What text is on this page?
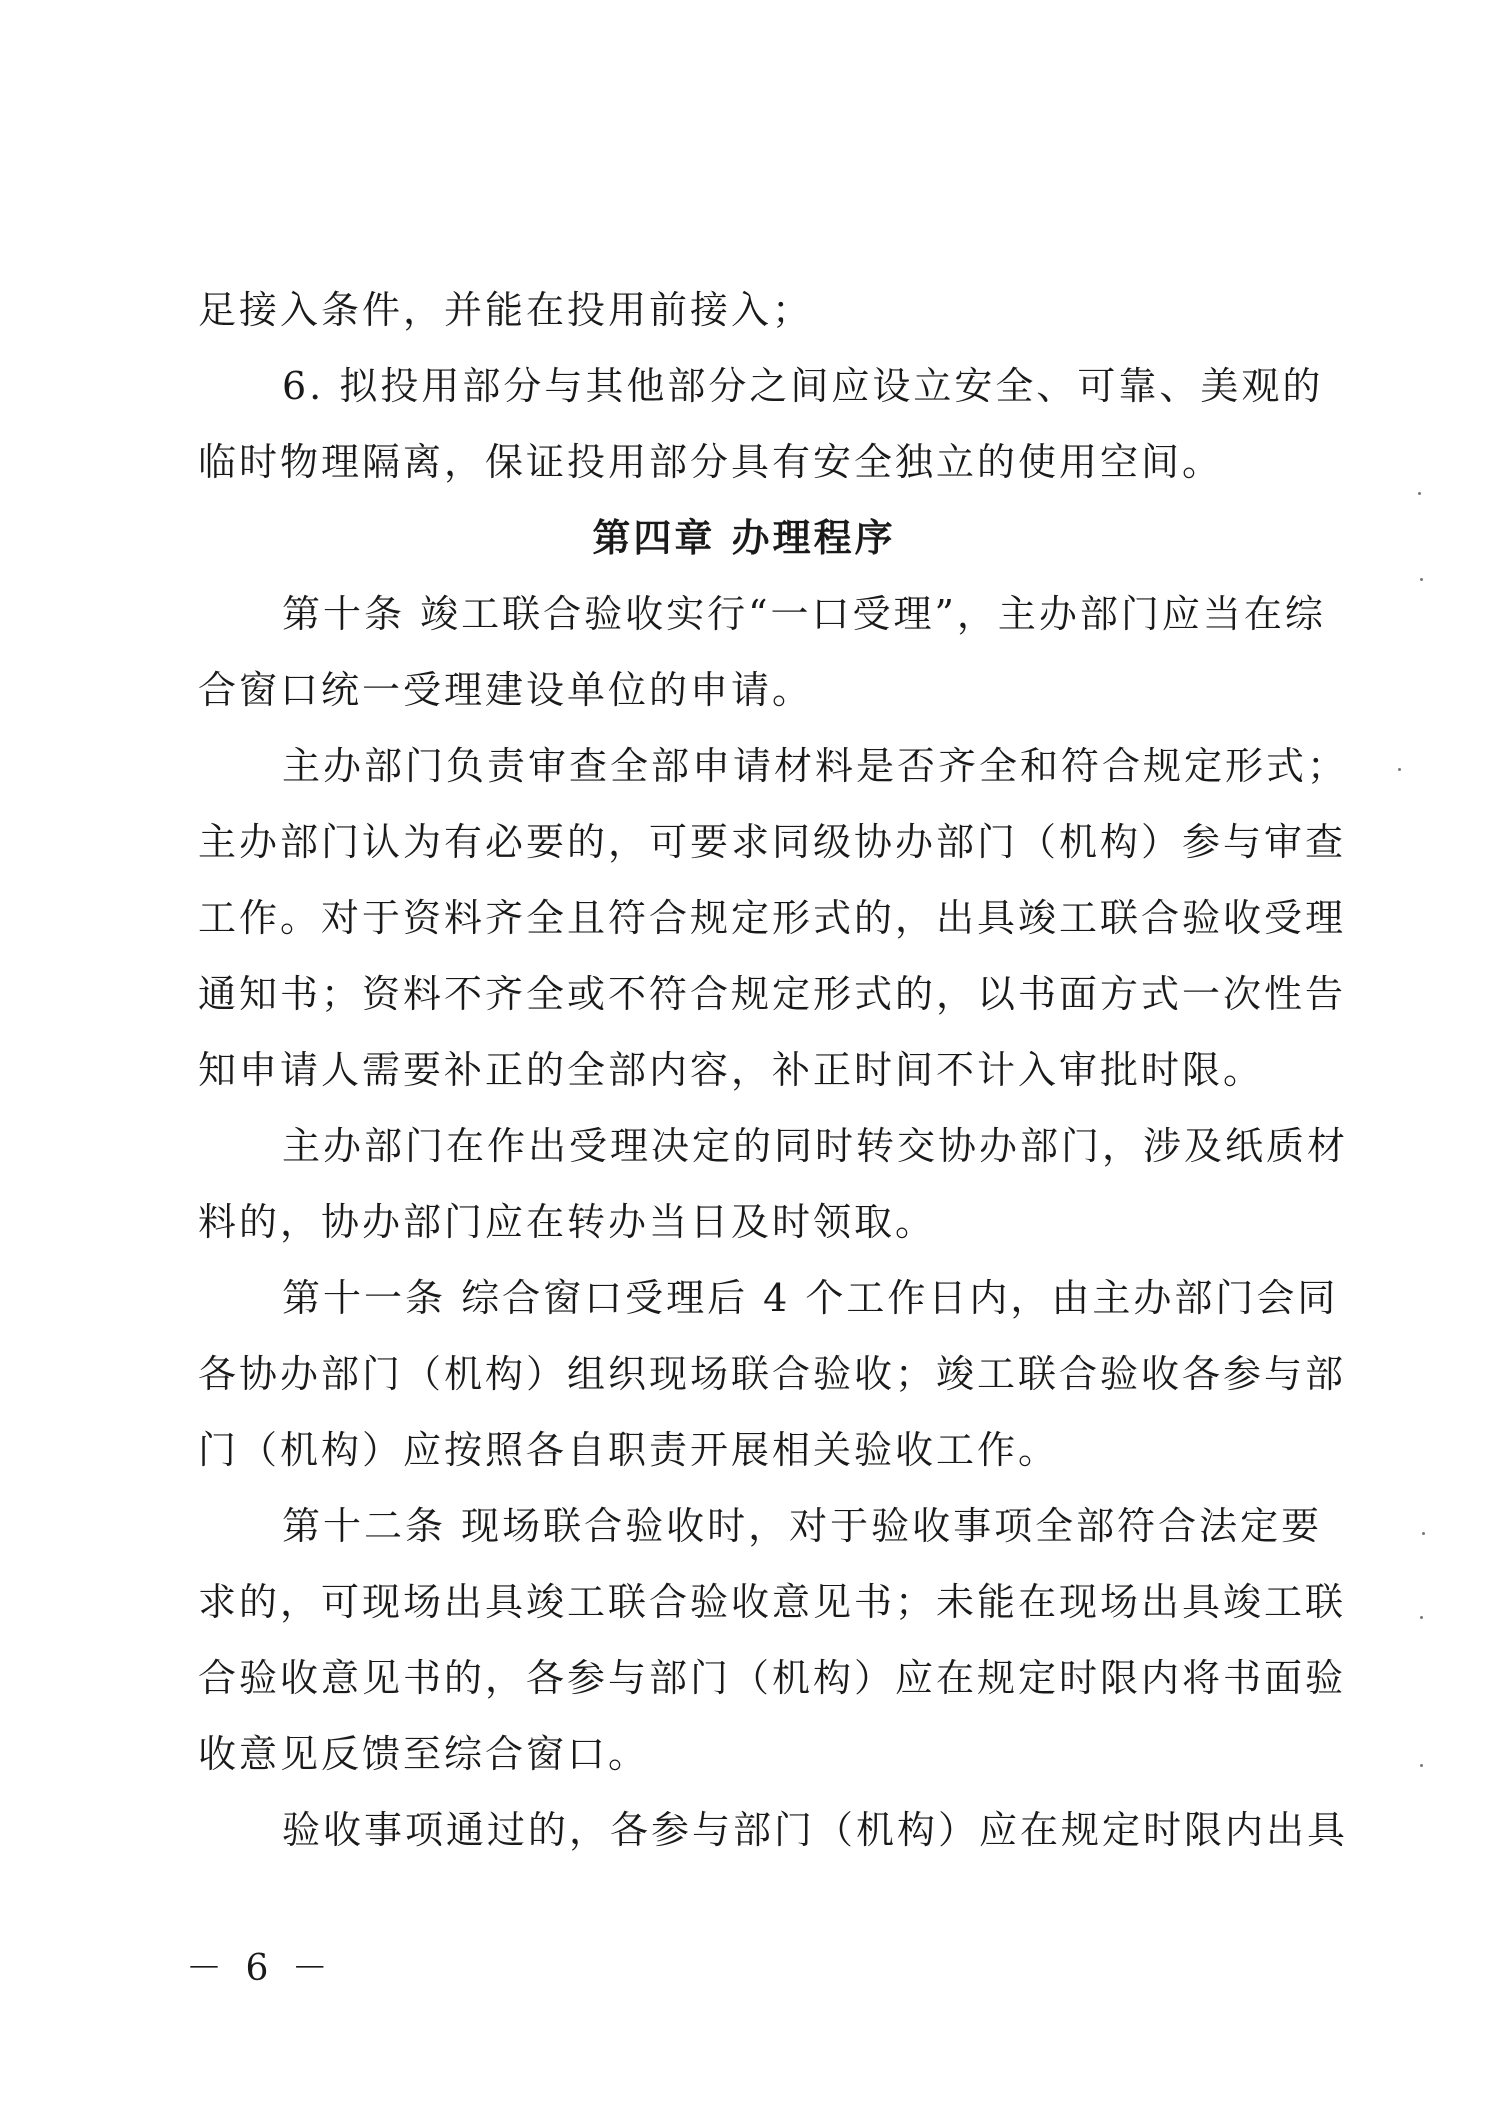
足接入条件，并能在投用前接入；
6. 拟投用部分与其他部分之间应设立安全、可靠、美观的
临时物理隔离，保证投用部分具有安全独立的使用空间。
第四章 办理程序
第十条 竣工联合验收实行“一口受理”，主办部门应当在综
合窗口统一受理建设单位的申请。
主办部门负责审查全部申请材料是否齐全和符合规定形式；
主办部门认为有必要的，可要求同级协办部门（机构）参与审查
工作。对于资料齐全且符合规定形式的，出具竣工联合验收受理
通知书；资料不齐全或不符合规定形式的，以书面方式一次性告
知申请人需要补正的全部内容，补正时间不计入审批时限。
主办部门在作出受理决定的同时转交协办部门，涉及纸质材
料的，协办部门应在转办当日及时领取。
第十一条 综合窗口受理后 4 个工作日内，由主办部门会同
各协办部门（机构）组织现场联合验收；竣工联合验收各参与部
门（机构）应按照各自职责开展相关验收工作。
第十二条 现场联合验收时，对于验收事项全部符合法定要
求的，可现场出具竣工联合验收意见书；未能在现场出具竣工联
合验收意见书的，各参与部门（机构）应在规定时限内将书面验
收意见反馈至综合窗口。
验收事项通过的，各参与部门（机构）应在规定时限内出具
－ 6 －
